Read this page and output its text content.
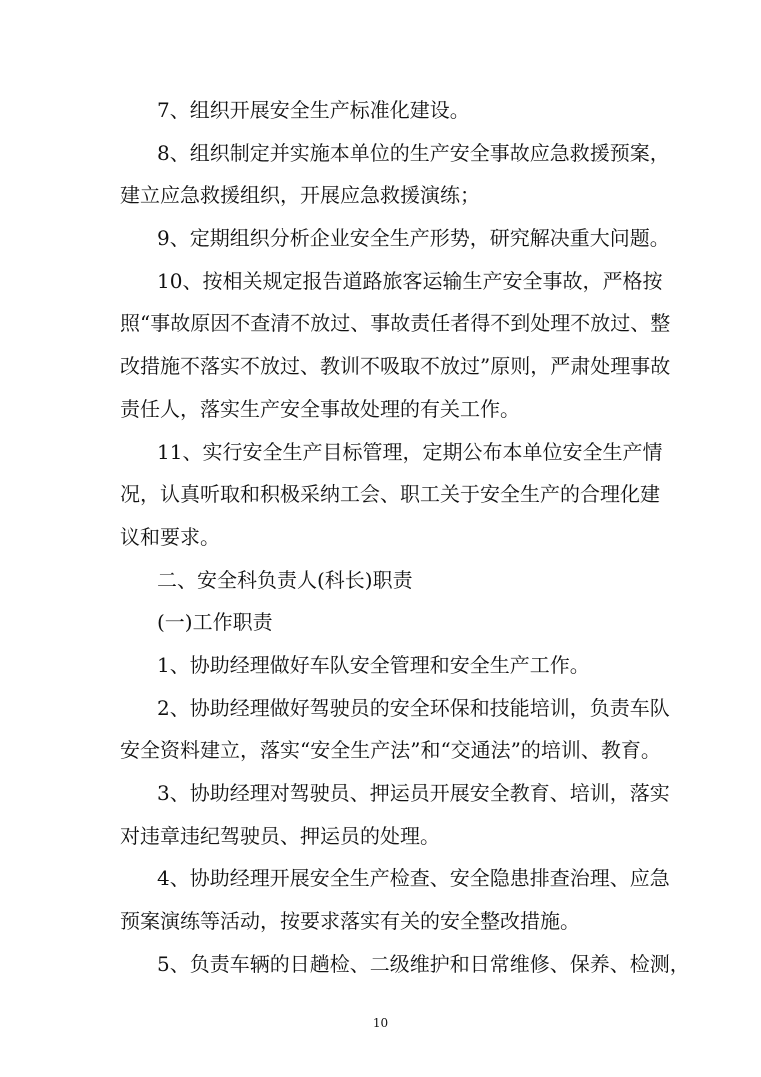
7、组织开展安全生产标准化建设。
8、组织制定并实施本单位的生产安全事故应急救援预案，
建立应急救援组织，开展应急救援演练；
9、定期组织分析企业安全生产形势，研究解决重大问题。
10、按相关规定报告道路旅客运输生产安全事故，严格按
照“事故原因不查清不放过、事故责任者得不到处理不放过、整
改措施不落实不放过、教训不吸取不放过”原则，严肃处理事故
责任人，落实生产安全事故处理的有关工作。
11、实行安全生产目标管理，定期公布本单位安全生产情
况，认真听取和积极采纳工会、职工关于安全生产的合理化建
议和要求。
二、安全科负责人(科长)职责
(一)工作职责
1、协助经理做好车队安全管理和安全生产工作。
2、协助经理做好驾驶员的安全环保和技能培训，负责车队
安全资料建立，落实“安全生产法”和“交通法”的培训、教育。
3、协助经理对驾驶员、押运员开展安全教育、培训，落实
对违章违纪驾驶员、押运员的处理。
4、协助经理开展安全生产检查、安全隐患排查治理、应急
预案演练等活动，按要求落实有关的安全整改措施。
5、负责车辆的日趟检、二级维护和日常维修、保养、检测，
10
